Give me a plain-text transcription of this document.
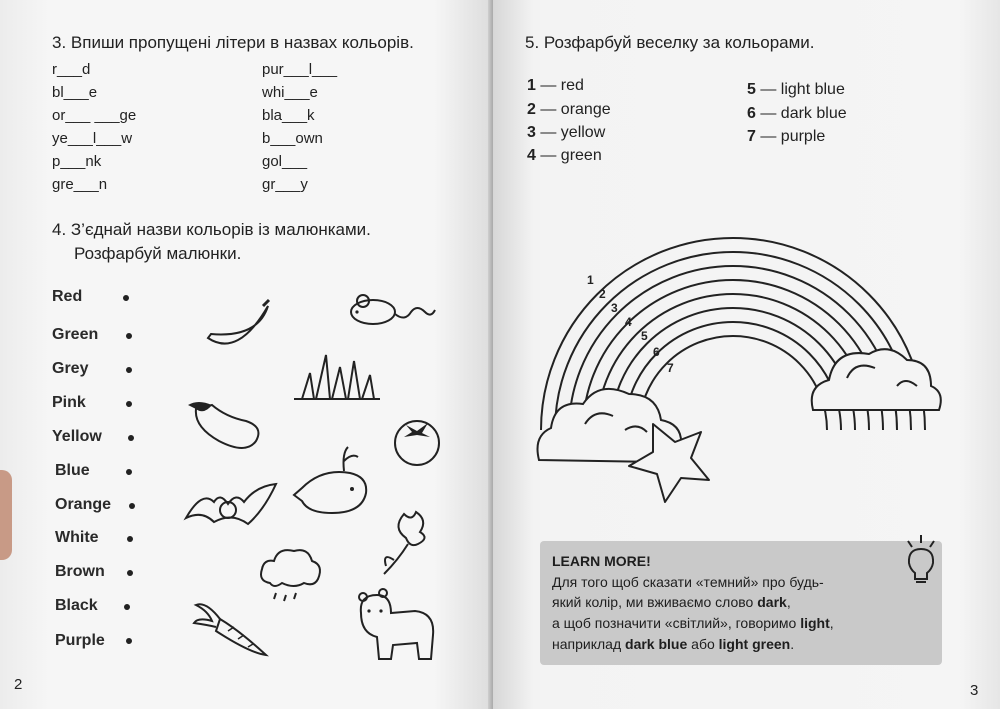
3. Впиши пропущені літери в назвах кольорів.
r___d
bl___e
or___ ___ge
ye___l___w
p___nk
gre___n
pur___l___
whi___e
bla___k
b___own
gol___
gr___y
4. З’єднай назви кольорів із малюнками.
Розфарбуй малюнки.
Red
Green
Grey
Pink
Yellow
Blue
Orange
White
Brown
Black
Purple
2
5. Розфарбуй веселку за кольорами.
1 — red
2 — orange
3 — yellow
4 — green
5 — light blue
6 — dark blue
7 — purple
1
2
3
4
5
6
7
3
LEARN MORE!
Для того щоб сказати «темний» про будь-
який колір, ми вживаємо слово dark,
а щоб позначити «світлий», говоримо light,
наприклад dark blue або light green.
